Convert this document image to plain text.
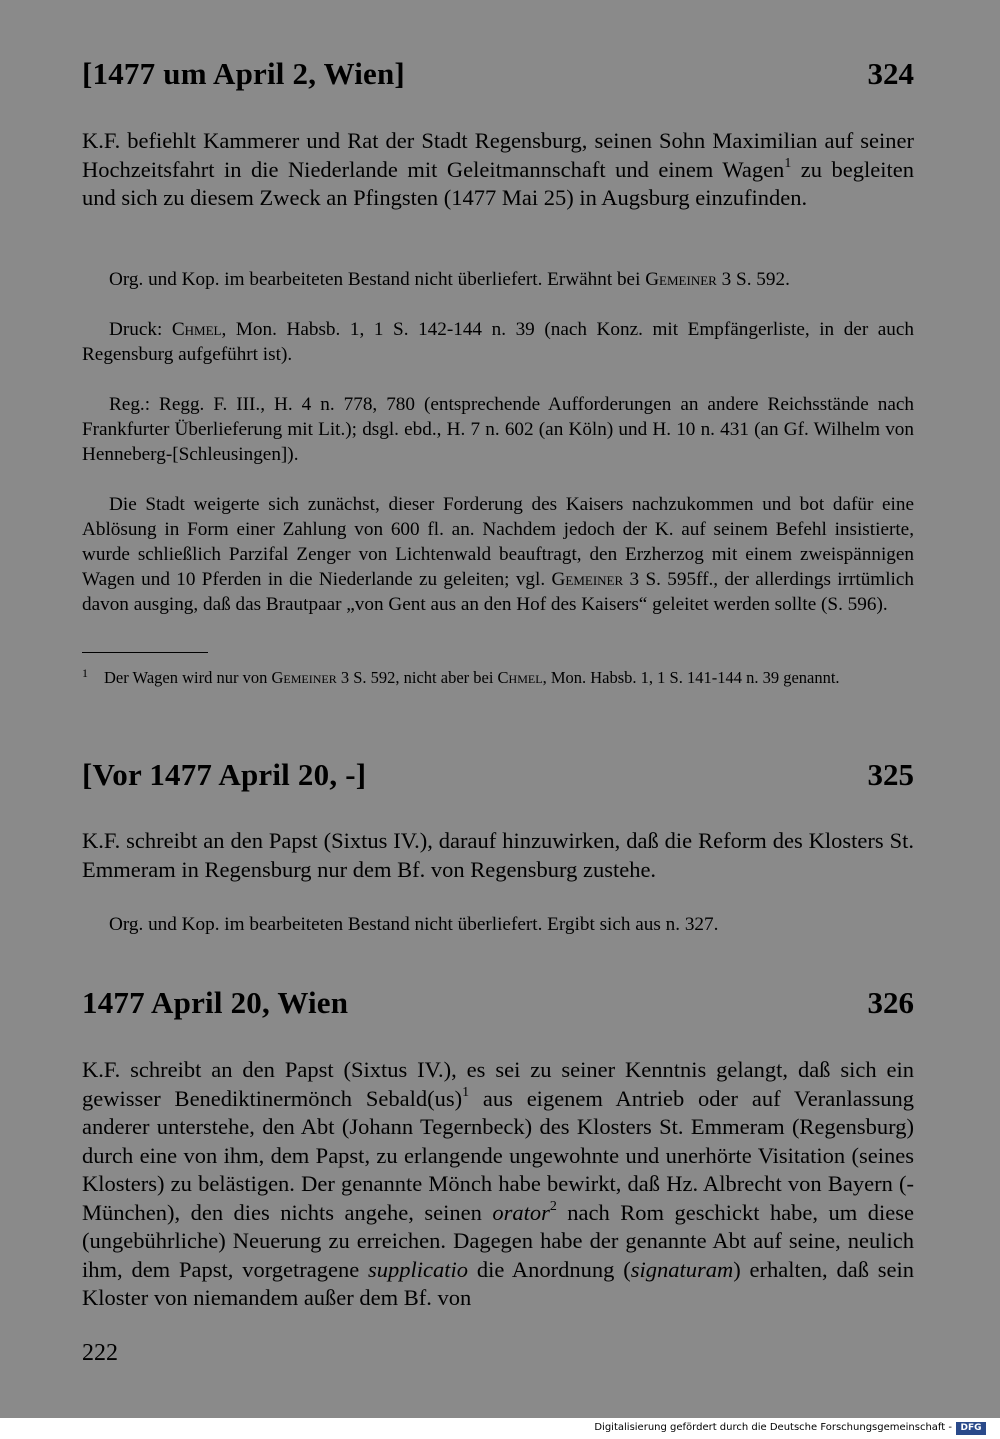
[1477 um April 2, Wien]	324
K.F. befiehlt Kammerer und Rat der Stadt Regensburg, seinen Sohn Maximilian auf seiner Hochzeitsfahrt in die Niederlande mit Geleitmannschaft und einem Wagen$^1$ zu begleiten und sich zu diesem Zweck an Pfingsten (1477 Mai 25) in Augsburg einzufinden.

Org. und Kop. im bearbeiteten Bestand nicht überliefert. Erwähnt bei Gemeiner 3 S. 592.

Druck: Chmel, Mon. Habsb. 1, 1 S. 142-144 n. 39 (nach Konz. mit Empfängerliste, in der auch Regensburg aufgeführt ist).

Reg.: Regg. F. III., H. 4 n. 778, 780 (entsprechende Aufforderungen an andere Reichsstände nach Frankfurter Überlieferung mit Lit.); dsgl. ebd., H. 7 n. 602 (an Köln) und H. 10 n. 431 (an Gf. Wilhelm von Henneberg-[Schleusingen]).

Die Stadt weigerte sich zunächst, dieser Forderung des Kaisers nachzukommen und bot dafür eine Ablösung in Form einer Zahlung von 600 fl. an. Nachdem jedoch der K. auf seinem Befehl insistierte, wurde schließlich Parzifal Zenger von Lichtenwald beauftragt, den Erzherzog mit einem zweispännigen Wagen und 10 Pferden in die Niederlande zu geleiten; vgl. Gemeiner 3 S. 595ff., der allerdings irrtümlich davon ausging, daß das Brautpaar „von Gent aus an den Hof des Kaisers“ geleitet werden sollte (S. 596).

1 Der Wagen wird nur von Gemeiner 3 S. 592, nicht aber bei Chmel, Mon. Habsb. 1, 1 S. 141-144 n. 39 genannt.
[Vor 1477 April 20, -]	325
K.F. schreibt an den Papst (Sixtus IV.), darauf hinzuwirken, daß die Reform des Klosters St. Emmeram in Regensburg nur dem Bf. von Regensburg zustehe.

Org. und Kop. im bearbeiteten Bestand nicht überliefert. Ergibt sich aus n. 327.

1477 April 20, Wien	326
K.F. schreibt an den Papst (Sixtus IV.), es sei zu seiner Kenntnis gelangt, daß sich ein gewisser Benediktinermönch Sebald(us)$^1$ aus eigenem Antrieb oder auf Veranlassung anderer unterstehe, den Abt (Johann Tegernbeck) des Klosters St. Emmeram (Regensburg) durch eine von ihm, dem Papst, zu erlangende ungewohnte und unerhörte Visitation (seines Klosters) zu belästigen. Der genannte Mönch habe bewirkt, daß Hz. Albrecht von Bayern (-München), den dies nichts angehe, seinen orator$^2$ nach Rom geschickt habe, um diese (ungebührliche) Neuerung zu erreichen. Dagegen habe der genannte Abt auf seine, neulich ihm, dem Papst, vorgetragene supplicatio die Anordnung (signaturam) erhalten, daß sein Kloster von niemandem außer dem Bf. von
222
Digitalisierung gefördert durch die Deutsche Forschungsgemeinschaft - DFG
